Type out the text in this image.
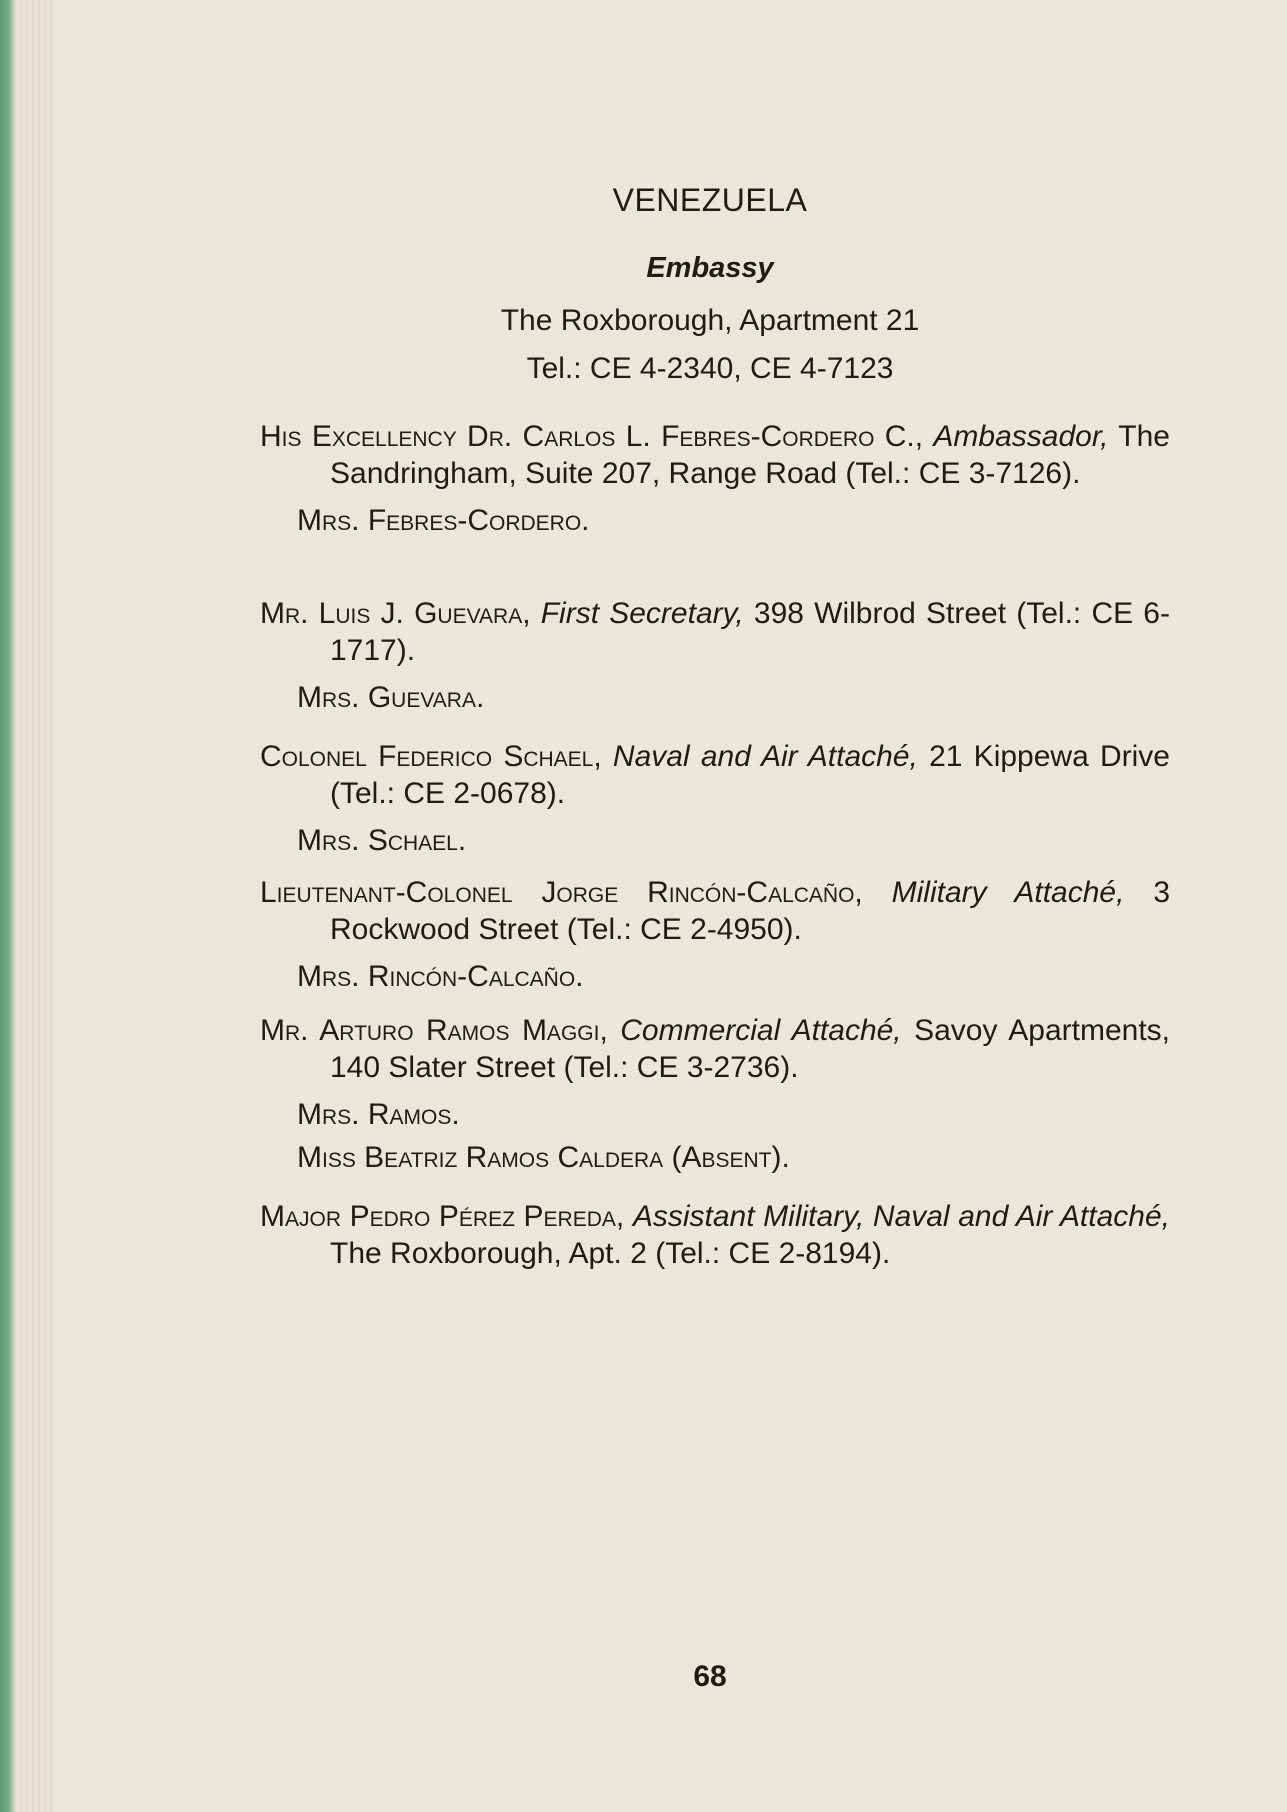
VENEZUELA
Embassy
The Roxborough, Apartment 21
Tel.: CE 4-2340, CE 4-7123
His Excellency Dr. Carlos L. Febres-Cordero C., Ambassador, The Sandringham, Suite 207, Range Road (Tel.: CE 3-7126).
Mrs. Febres-Cordero.
Mr. Luis J. Guevara, First Secretary, 398 Wilbrod Street (Tel.: CE 6-1717).
Mrs. Guevara.
Colonel Federico Schael, Naval and Air Attaché, 21 Kippewa Drive (Tel.: CE 2-0678).
Mrs. Schael.
Lieutenant-Colonel Jorge Rincón-Calcaño, Military Attaché, 3 Rockwood Street (Tel.: CE 2-4950).
Mrs. Rincón-Calcaño.
Mr. Arturo Ramos Maggi, Commercial Attaché, Savoy Apartments, 140 Slater Street (Tel.: CE 3-2736).
Mrs. Ramos.
Miss Beatriz Ramos Caldera (Absent).
Major Pedro Pérez Pereda, Assistant Military, Naval and Air Attaché, The Roxborough, Apt. 2 (Tel.: CE 2-8194).
68
